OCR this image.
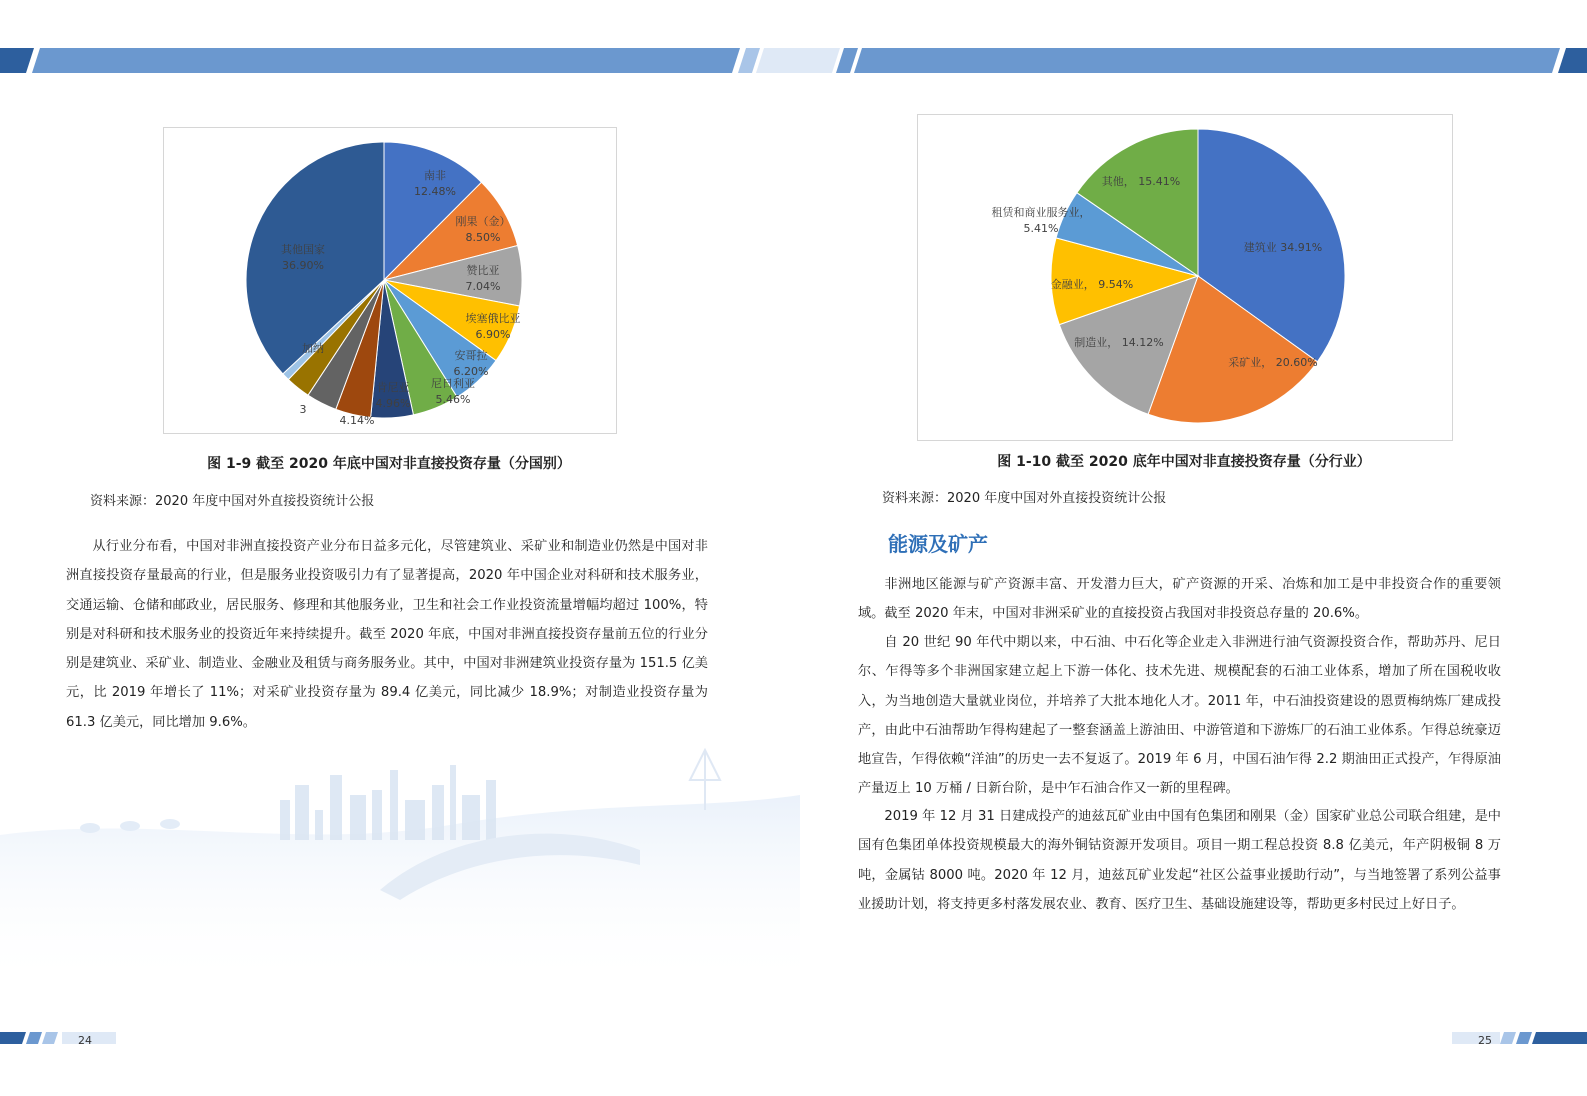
南非
12.48%
刚果（金）
8.50%
赞比亚
7.04%
埃塞俄比亚
6.90%
安哥拉
6.20%
尼日利亚
5.46%
肯尼亚
4.96%
4.14%
3
加纳
其他国家
36.90%
图 1-9 截至 2020 年底中国对非直接投资存量（分国别）
资料来源：2020 年度中国对外直接投资统计公报

从行业分布看，中国对非洲直接投资产业分布日益多元化，尽管建筑业、采矿业和制造业仍然是中国对非洲直接投资存量最高的行业，但是服务业投资吸引力有了显著提高，2020 年中国企业对科研和技术服务业，交通运输、仓储和邮政业，居民服务、修理和其他服务业，卫生和社会工作业投资流量增幅均超过 100%，特别是对科研和技术服务业的投资近年来持续提升。截至 2020 年底，中国对非洲直接投资存量前五位的行业分别是建筑业、采矿业、制造业、金融业及租赁与商务服务业。其中，中国对非洲建筑业投资存量为 151.5 亿美元，比 2019 年增长了 11%；对采矿业投资存量为 89.4 亿美元，同比减少 18.9%；对制造业投资存量为 61.3 亿美元，同比增加 9.6%。

建筑业 34.91%
采矿业， 20.60%
制造业， 14.12%
金融业， 9.54%
租赁和商业服务业，
5.41%
其他， 15.41%
图 1-10 截至 2020 底年中国对非直接投资存量（分行业）
资料来源：2020 年度中国对外直接投资统计公报
能源及矿产

非洲地区能源与矿产资源丰富、开发潜力巨大，矿产资源的开采、冶炼和加工是中非投资合作的重要领域。截至 2020 年末，中国对非洲采矿业的直接投资占我国对非投资总存量的 20.6%。

自 20 世纪 90 年代中期以来，中石油、中石化等企业走入非洲进行油气资源投资合作，帮助苏丹、尼日尔、乍得等多个非洲国家建立起上下游一体化、技术先进、规模配套的石油工业体系，增加了所在国税收收入，为当地创造大量就业岗位，并培养了大批本地化人才。2011 年，中石油投资建设的恩贾梅纳炼厂建成投产，由此中石油帮助乍得构建起了一整套涵盖上游油田、中游管道和下游炼厂的石油工业体系。乍得总统豪迈地宣告，乍得依赖“洋油”的历史一去不复返了。2019 年 6 月，中国石油乍得 2.2 期油田正式投产，乍得原油产量迈上 10 万桶 / 日新台阶，是中乍石油合作又一新的里程碑。

2019 年 12 月 31 日建成投产的迪兹瓦矿业由中国有色集团和刚果（金）国家矿业总公司联合组建，是中国有色集团单体投资规模最大的海外铜钴资源开发项目。项目一期工程总投资 8.8 亿美元，年产阴极铜 8 万吨，金属钴 8000 吨。2020 年 12 月，迪兹瓦矿业发起“社区公益事业援助行动”，与当地签署了系列公益事业援助计划，将支持更多村落发展农业、教育、医疗卫生、基础设施建设等，帮助更多村民过上好日子。

24	25
